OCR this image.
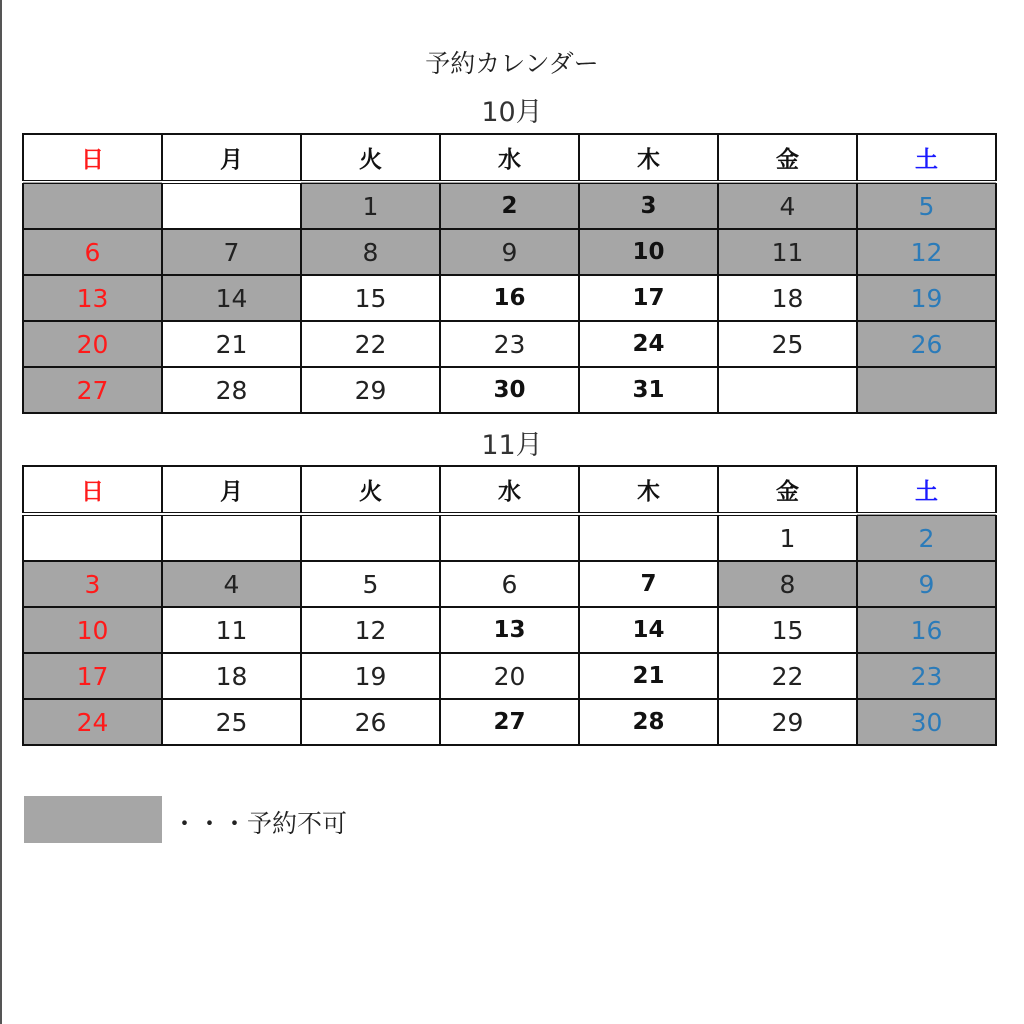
予約カレンダー
10月
日	月	火	水	木	金	土
		1	2	3	4	5
6	7	8	9	10	11	12
13	14	15	16	17	18	19
20	21	22	23	24	25	26
27	28	29	30	31		
11月
日	月	火	水	木	金	土
					1	2
3	4	5	6	7	8	9
10	11	12	13	14	15	16
17	18	19	20	21	22	23
24	25	26	27	28	29	30
・・・予約不可
